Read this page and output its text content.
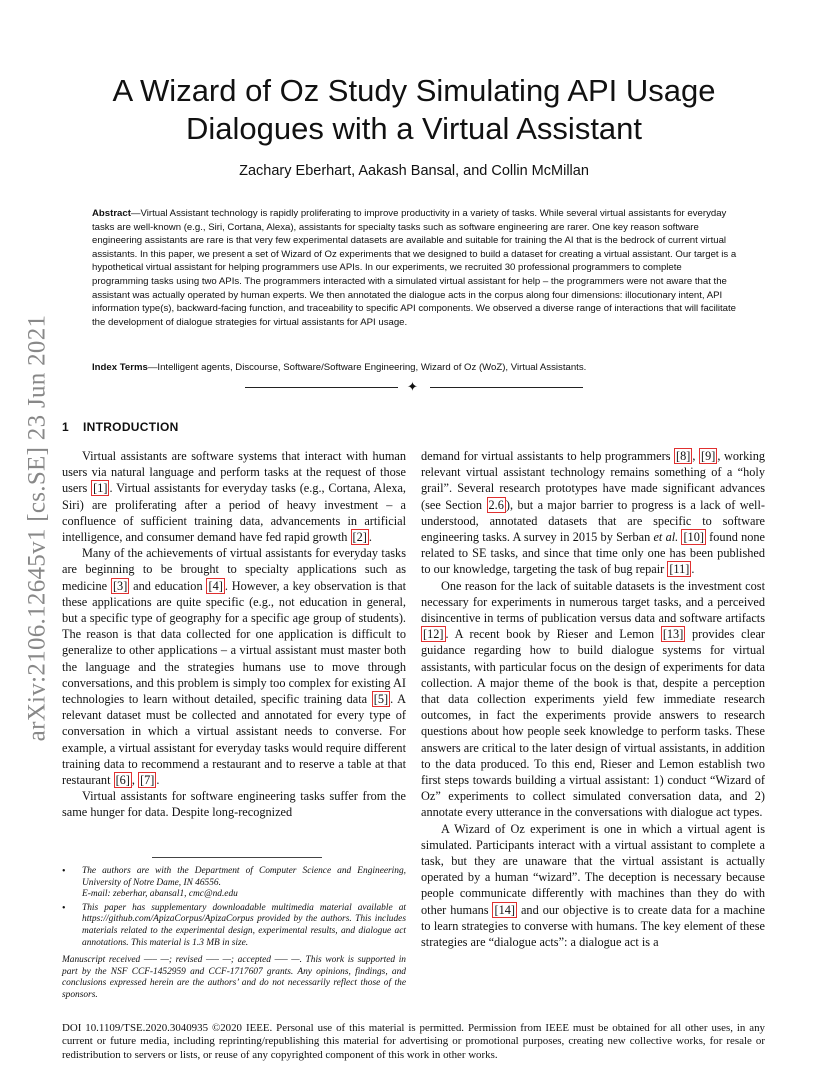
arXiv:2106.12645v1 [cs.SE] 23 Jun 2021
A Wizard of Oz Study Simulating API Usage
Dialogues with a Virtual Assistant
Zachary Eberhart, Aakash Bansal, and Collin McMillan
Abstract—Virtual Assistant technology is rapidly proliferating to improve productivity in a variety of tasks. While several virtual assistants for everyday tasks are well-known (e.g., Siri, Cortana, Alexa), assistants for specialty tasks such as software engineering are rarer. One key reason software engineering assistants are rare is that very few experimental datasets are available and suitable for training the AI that is the bedrock of current virtual assistants. In this paper, we present a set of Wizard of Oz experiments that we designed to build a dataset for creating a virtual assistant. Our target is a hypothetical virtual assistant for helping programmers use APIs. In our experiments, we recruited 30 professional programmers to complete programming tasks using two APIs. The programmers interacted with a simulated virtual assistant for help – the programmers were not aware that the assistant was actually operated by human experts. We then annotated the dialogue acts in the corpus along four dimensions: illocutionary intent, API information type(s), backward-facing function, and traceability to specific API components. We observed a diverse range of interactions that will facilitate the development of dialogue strategies for virtual assistants for API usage.
Index Terms—Intelligent agents, Discourse, Software/Software Engineering, Wizard of Oz (WoZ), Virtual Assistants.
✦
1 INTRODUCTION

Virtual assistants are software systems that interact with human users via natural language and perform tasks at the request of those users [1] . Virtual assistants for everyday tasks (e.g., Cortana, Alexa, Siri) are proliferating after a period of heavy investment – a confluence of sufficient training data, advancements in artificial intelligence, and consumer demand have fed rapid growth [2] .

Many of the achievements of virtual assistants for everyday tasks are beginning to be brought to specialty applications such as medicine [3] and education [4] . However, a key observation is that these applications are quite specific (e.g., not education in general, but a specific type of geography for a specific age group of students). The reason is that data collected for one application is difficult to generalize to other applications – a virtual assistant must master both the language and the strategies humans use to move through conversations, and this problem is simply too complex for existing AI technologies to learn without detailed, specific training data [5] . A relevant dataset must be collected and annotated for every type of conversation in which a virtual assistant needs to converse. For example, a virtual assistant for everyday tasks would require different training data to recommend a restaurant and to reserve a table at that restaurant [6] , [7] .

Virtual assistants for software engineering tasks suffer from the same hunger for data. Despite long-recognized

demand for virtual assistants to help programmers [8] , [9] , working relevant virtual assistant technology remains something of a “holy grail”. Several research prototypes have made significant advances (see Section 2.6 ), but a major barrier to progress is a lack of well-understood, annotated datasets that are specific to software engineering tasks. A survey in 2015 by Serban et al. [10] found none related to SE tasks, and since that time only one has been published to our knowledge, targeting the task of bug repair [11] .

One reason for the lack of suitable datasets is the investment cost necessary for experiments in numerous target tasks, and a perceived disincentive in terms of publication versus data and software artifacts [12] . A recent book by Rieser and Lemon [13] provides clear guidance regarding how to build dialogue systems for virtual assistants, with particular focus on the design of experiments for data collection. A major theme of the book is that, despite a perception that data collection experiments yield few immediate research outcomes, in fact the experiments provide answers to research questions about how people seek knowledge to perform tasks. These answers are critical to the later design of virtual assistants, in addition to the data produced. To this end, Rieser and Lemon establish two first steps towards building a virtual assistant: 1) conduct “Wizard of Oz” experiments to collect simulated conversation data, and 2) annotate every utterance in the conversations with dialogue act types.

A Wizard of Oz experiment is one in which a virtual agent is simulated. Participants interact with a virtual assistant to complete a task, but they are unaware that the virtual assistant is actually operated by a human “wizard”. The deception is necessary because people communicate differently with machines than they do with other humans [14] and our objective is to create data for a machine to learn strategies to converse with humans. The key element of these strategies are “dialogue acts”: a dialogue act is a

• The authors are with the Department of Computer Science and Engineering, University of Notre Dame, IN 46556.
E-mail: zeberhar, abansal1, cmc@nd.edu
• This paper has supplementary downloadable multimedia material available at https://github.com/ApizaCorpus/ApizaCorpus provided by the authors. This includes materials related to the experimental design, experimental results, and dialogue act annotations. This material is 1.3 MB in size.
Manuscript received —– —; revised —– —; accepted —– —. This work is supported in part by the NSF CCF-1452959 and CCF-1717607 grants. Any opinions, findings, and conclusions expressed herein are the authors’ and do not necessarily reflect those of the sponsors.
DOI 10.1109/TSE.2020.3040935 ©2020 IEEE. Personal use of this material is permitted. Permission from IEEE must be obtained for all other uses, in any current or future media, including reprinting/republishing this material for advertising or promotional purposes, creating new collective works, for resale or redistribution to servers or lists, or reuse of any copyrighted component of this work in other works.
